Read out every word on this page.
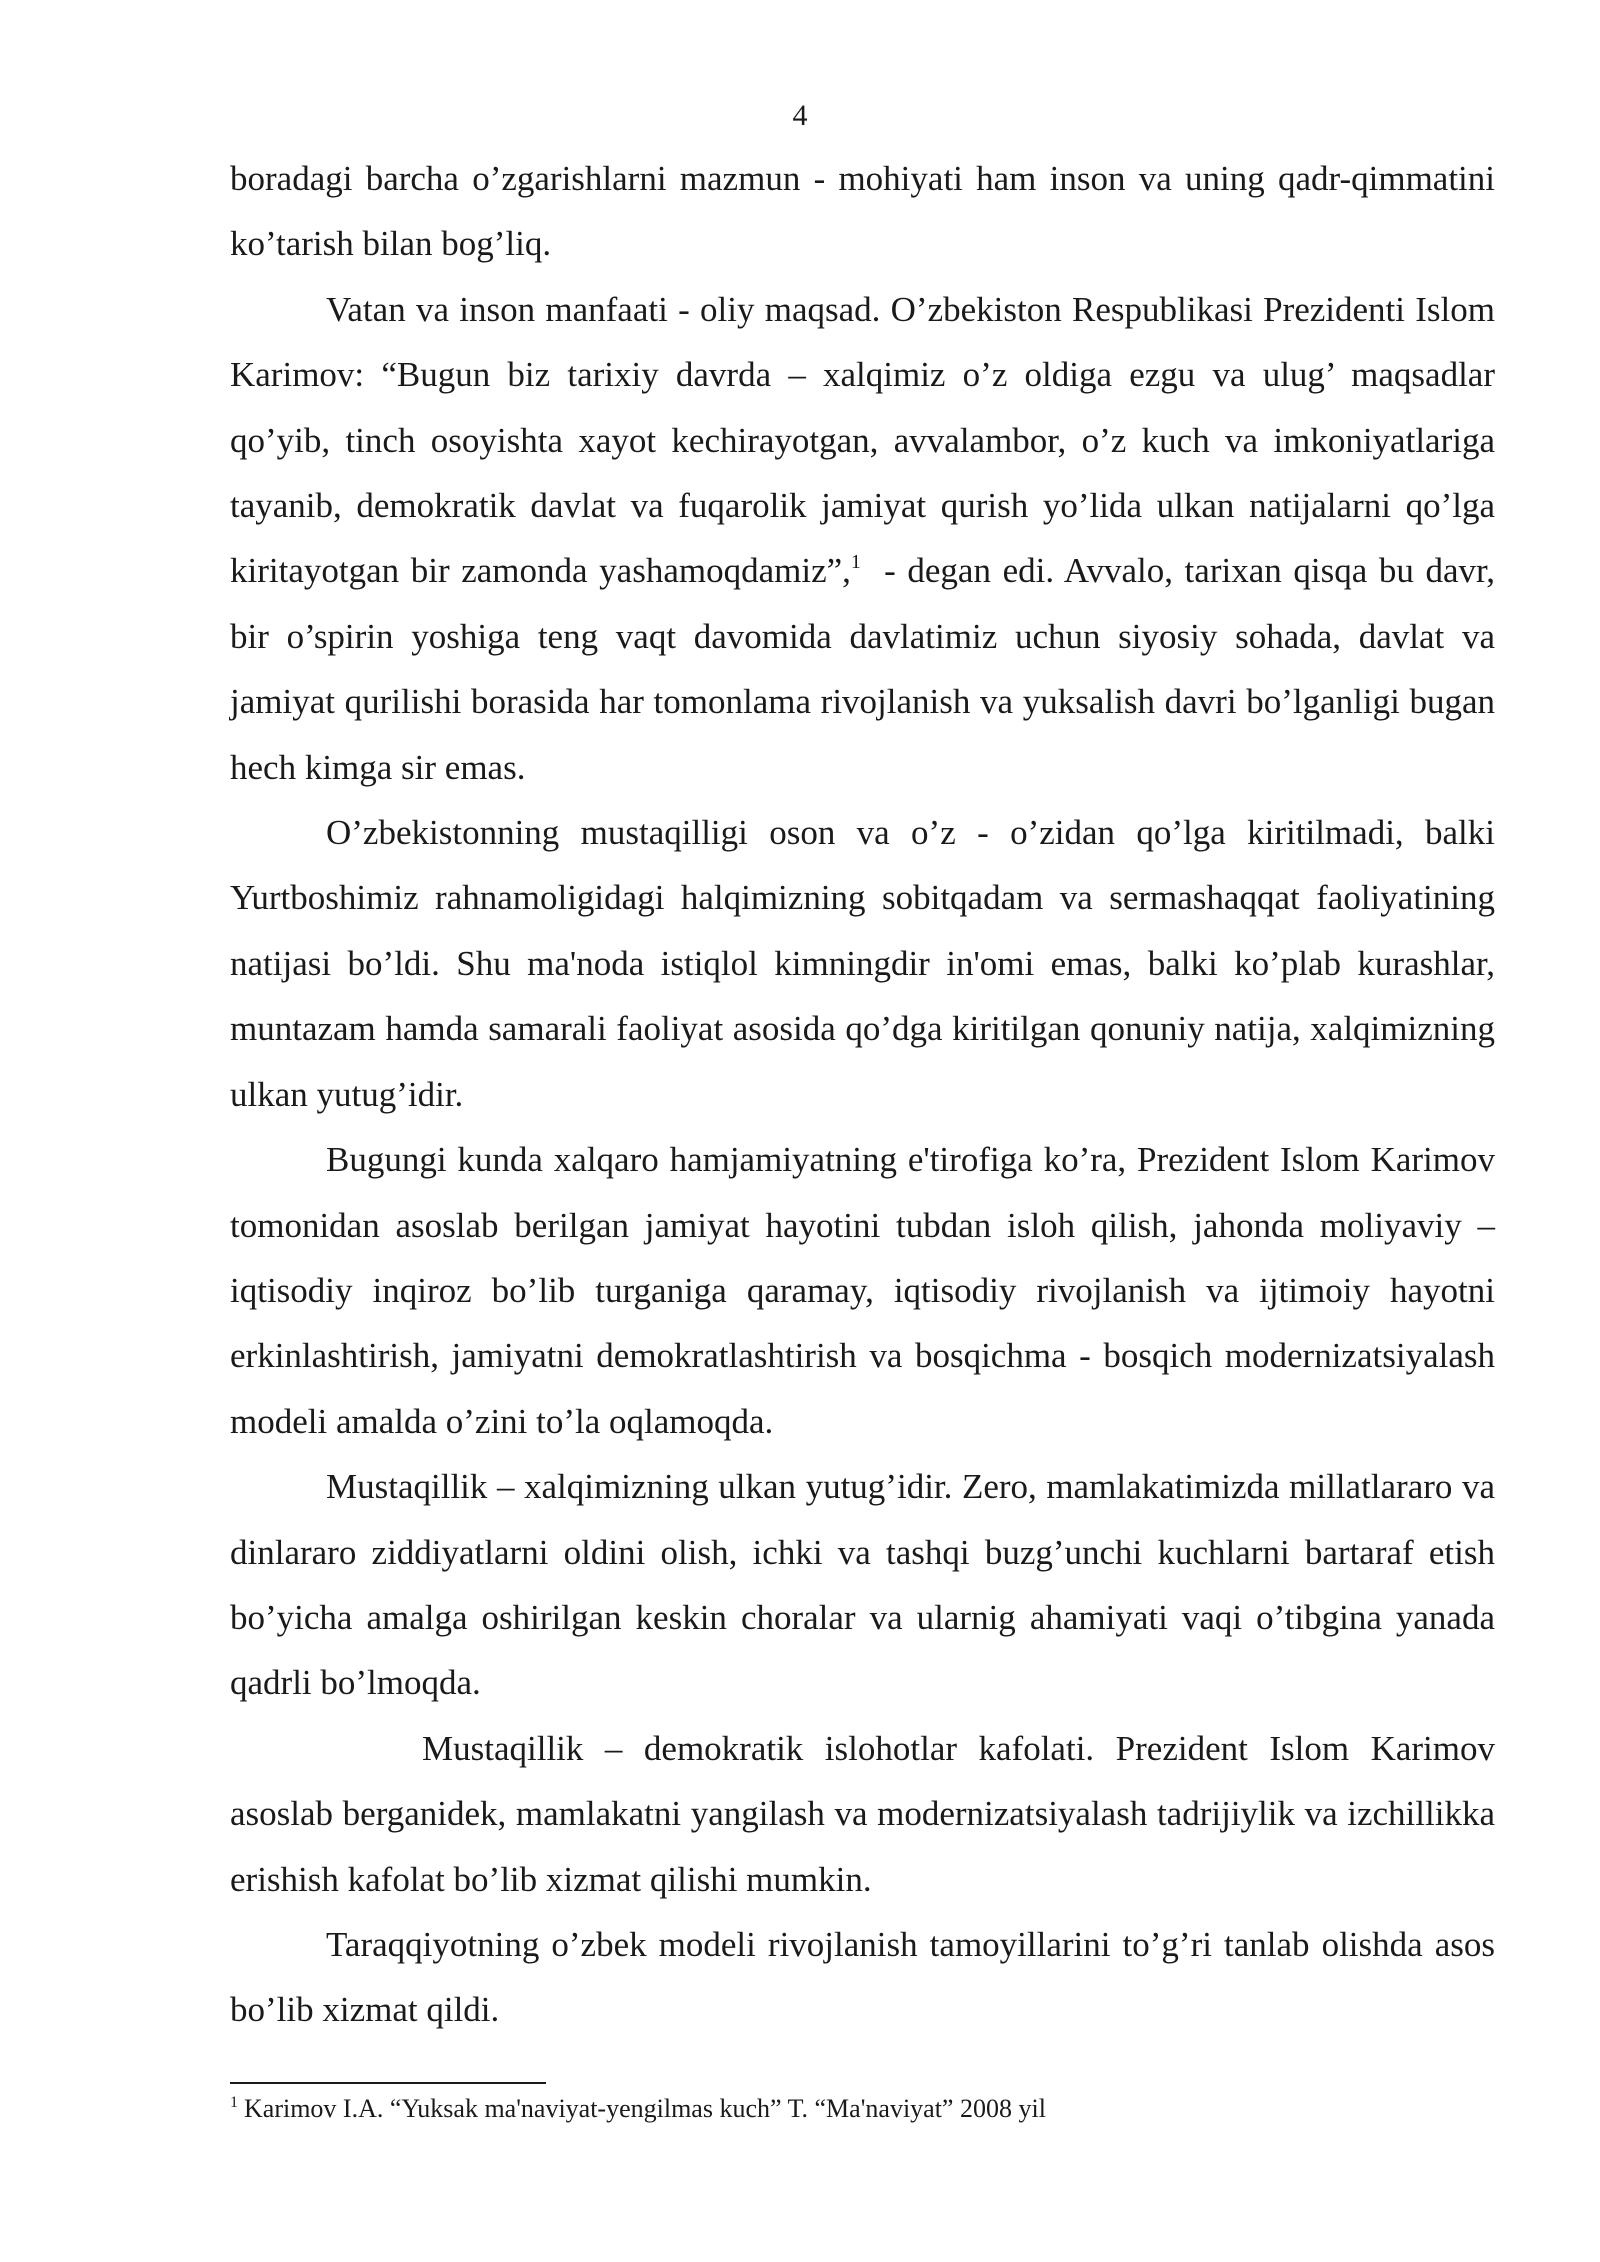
4

boradagi barcha o’zgarishlarni mazmun - mohiyati ham inson va uning qadr-qimmatini ko’tarish bilan bog’liq.

Vatan va inson manfaati - oliy maqsad. O’zbekiston Respublikasi Prezidenti Islom Karimov: “Bugun biz tarixiy davrda – xalqimiz o’z oldiga ezgu va ulug’ maqsadlar qo’yib, tinch osoyishta xayot kechirayotgan, avvalambor, o’z kuch va imkoniyatlariga tayanib, demokratik davlat va fuqarolik jamiyat qurish yo’lida ulkan natijalarni qo’lga kiritayotgan bir zamonda yashamoqdamiz”,$^1$  - degan edi. Avvalo, tarixan qisqa bu davr, bir o’spirin yoshiga teng vaqt davomida davlatimiz uchun siyosiy sohada, davlat va jamiyat qurilishi borasida har tomonlama rivojlanish va yuksalish davri bo’lganligi bugan hech kimga sir emas.

O’zbekistonning mustaqilligi oson va o’z - o’zidan qo’lga kiritilmadi, balki Yurtboshimiz rahnamoligidagi halqimizning sobitqadam va sermashaqqat faoliyatining natijasi bo’ldi. Shu ma'noda istiqlol kimningdir in'omi emas, balki ko’plab kurashlar, muntazam hamda samarali faoliyat asosida qo’dga kiritilgan qonuniy natija, xalqimizning ulkan yutug’idir.

Bugungi kunda xalqaro hamjamiyatning e'tirofiga ko’ra, Prezident Islom Karimov tomonidan asoslab berilgan jamiyat hayotini tubdan isloh qilish, jahonda moliyaviy – iqtisodiy inqiroz bo’lib turganiga qaramay, iqtisodiy rivojlanish va ijtimoiy hayotni erkinlashtirish, jamiyatni demokratlashtirish va bosqichma - bosqich modernizatsiyalash modeli amalda o’zini to’la oqlamoqda.

Mustaqillik – xalqimizning ulkan yutug’idir. Zero, mamlakatimizda millatlararo va dinlararo ziddiyatlarni oldini olish, ichki va tashqi buzg’unchi kuchlarni bartaraf etish bo’yicha amalga oshirilgan keskin choralar va ularnig ahamiyati vaqi o’tibgina yanada qadrli bo’lmoqda.

Mustaqillik – demokratik islohotlar kafolati. Prezident Islom Karimov asoslab berganidek, mamlakatni yangilash va modernizatsiyalash tadrijiylik va izchillikka erishish kafolat bo’lib xizmat qilishi mumkin.

Taraqqiyotning o’zbek modeli rivojlanish tamoyillarini to’g’ri tanlab olishda asos bo’lib xizmat qildi.

$^1$ Karimov I.A. “Yuksak ma'naviyat-yengilmas kuch” T. “Ma'naviyat” 2008 yil
